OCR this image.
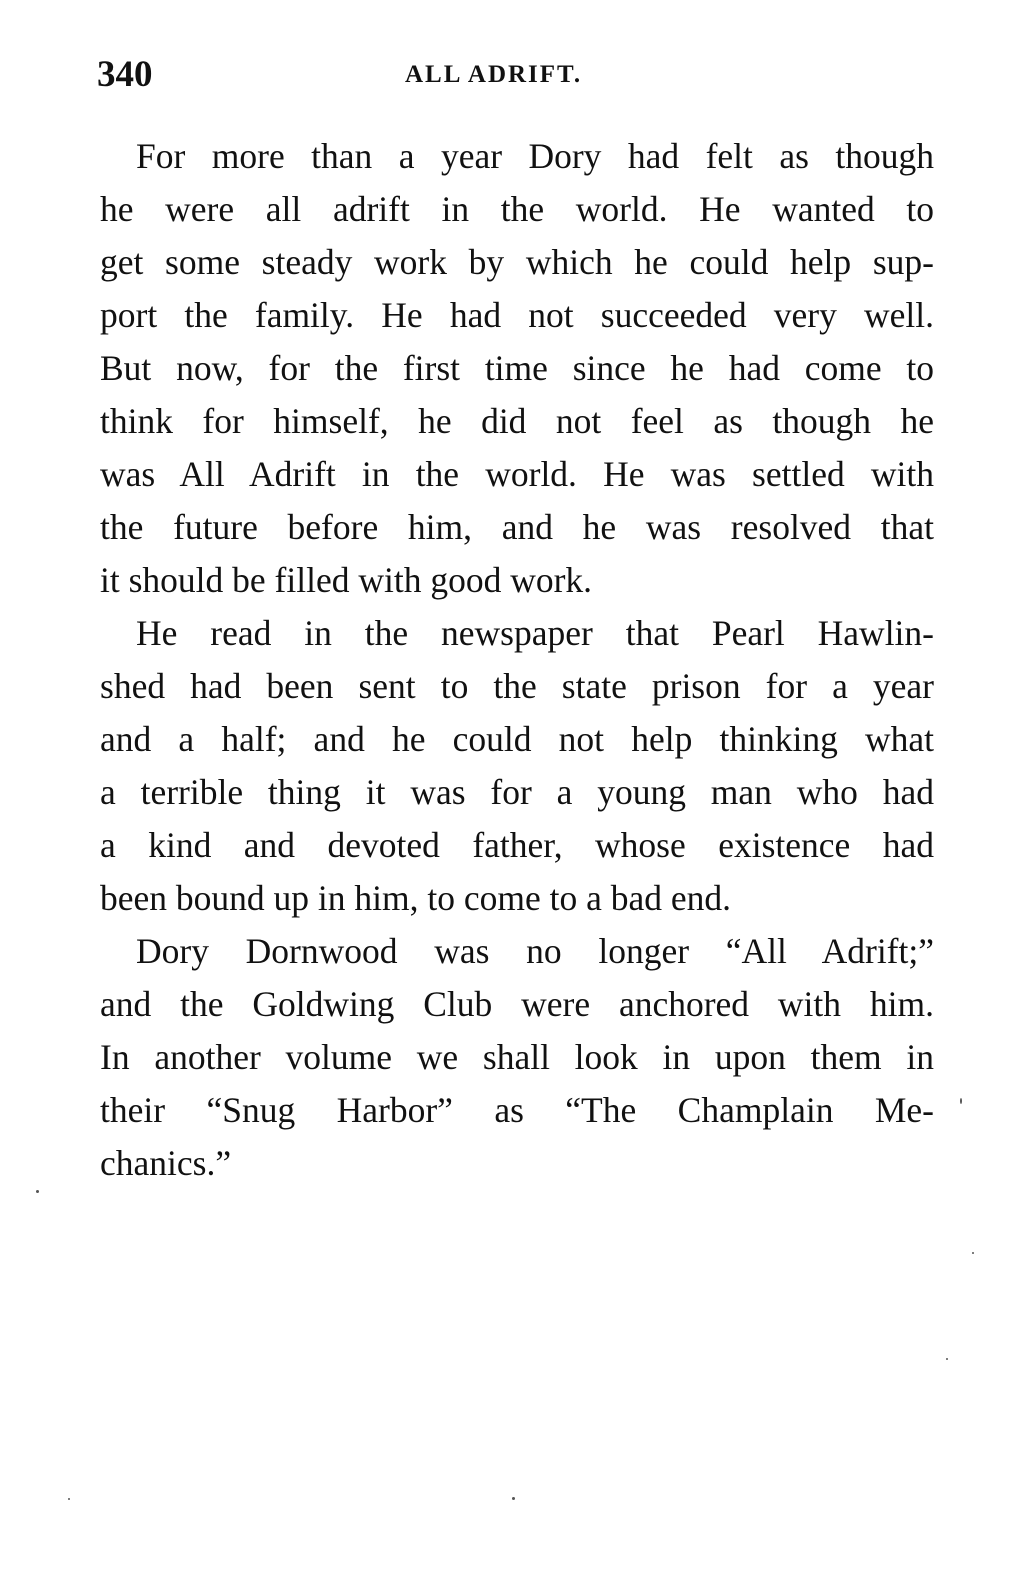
340	ALL ADRIFT.

For more than a year Dory had felt as though
he were all adrift in the world. He wanted to
get some steady work by which he could help sup-
port the family. He had not succeeded very well.
But now, for the first time since he had come to
think for himself, he did not feel as though he
was All Adrift in the world. He was settled with
the future before him, and he was resolved that
it should be filled with good work.

He read in the newspaper that Pearl Hawlin-
shed had been sent to the state prison for a year
and a half; and he could not help thinking what
a terrible thing it was for a young man who had
a kind and devoted father, whose existence had
been bound up in him, to come to a bad end.

Dory Dornwood was no longer “All Adrift;”
and the Goldwing Club were anchored with him.
In another volume we shall look in upon them in
their “Snug Harbor” as “The Champlain Me-
chanics.”
